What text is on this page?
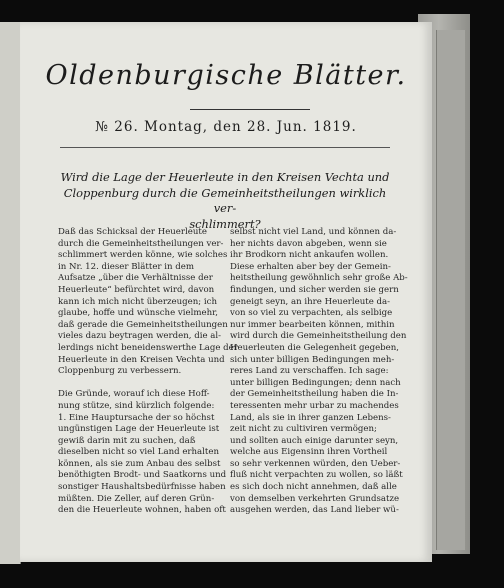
Oldenburgische Blätter.
№ 26. Montag, den 28. Jun. 1819.
Wird die Lage der Heuerleute in den Kreisen Vechta und
Cloppenburg durch die Gemeinheitstheilungen wirklich ver-
schlimmert?
Daß das Schicksal der Heuerleute
durch die Gemeinheitstheilungen ver-
schlimmert werden könne, wie solches
in Nr. 12. dieser Blätter in dem
Aufsatze „über die Verhältnisse der
Heuerleute“ befürchtet wird, davon
kann ich mich nicht überzeugen; ich
glaube, hoffe und wünsche vielmehr,
daß gerade die Gemeinheitstheilungen
vieles dazu beytragen werden, die al-
lerdings nicht beneidenswerthe Lage der
Heuerleute in den Kreisen Vechta und
Cloppenburg zu verbessern.

Die Gründe, worauf ich diese Hoff-
nung stütze, sind kürzlich folgende:
1. Eine Hauptursache der so höchst
ungünstigen Lage der Heuerleute ist
gewiß darin mit zu suchen, daß
dieselben nicht so viel Land erhalten
können, als sie zum Anbau des selbst
benöthigten Brodt- und Saatkorns und
sonstiger Haushaltsbedürfnisse haben
müßten. Die Zeller, auf deren Grün-
den die Heuerleute wohnen, haben oft
selbst nicht viel Land, und können da-
her nichts davon abgeben, wenn sie
ihr Brodkorn nicht ankaufen wollen.
Diese erhalten aber bey der Gemein-
heitstheilung gewöhnlich sehr große Ab-
findungen, und sicher werden sie gern
geneigt seyn, an ihre Heuerleute da-
von so viel zu verpachten, als selbige
nur immer bearbeiten können, mithin
wird durch die Gemeinheitstheilung den
Heuerleuten die Gelegenheit gegeben,
sich unter billigen Bedingungen meh-
reres Land zu verschaffen. Ich sage:
unter billigen Bedingungen; denn nach
der Gemeinheitstheilung haben die In-
teressenten mehr urbar zu machendes
Land, als sie in ihrer ganzen Lebens-
zeit nicht zu cultiviren vermögen;
und sollten auch einige darunter seyn,
welche aus Eigensinn ihren Vortheil
so sehr verkennen würden, den Ueber-
fluß nicht verpachten zu wollen, so läßt
es sich doch nicht annehmen, daß alle
von demselben verkehrten Grundsatze
ausgehen werden, das Land lieber wü-
